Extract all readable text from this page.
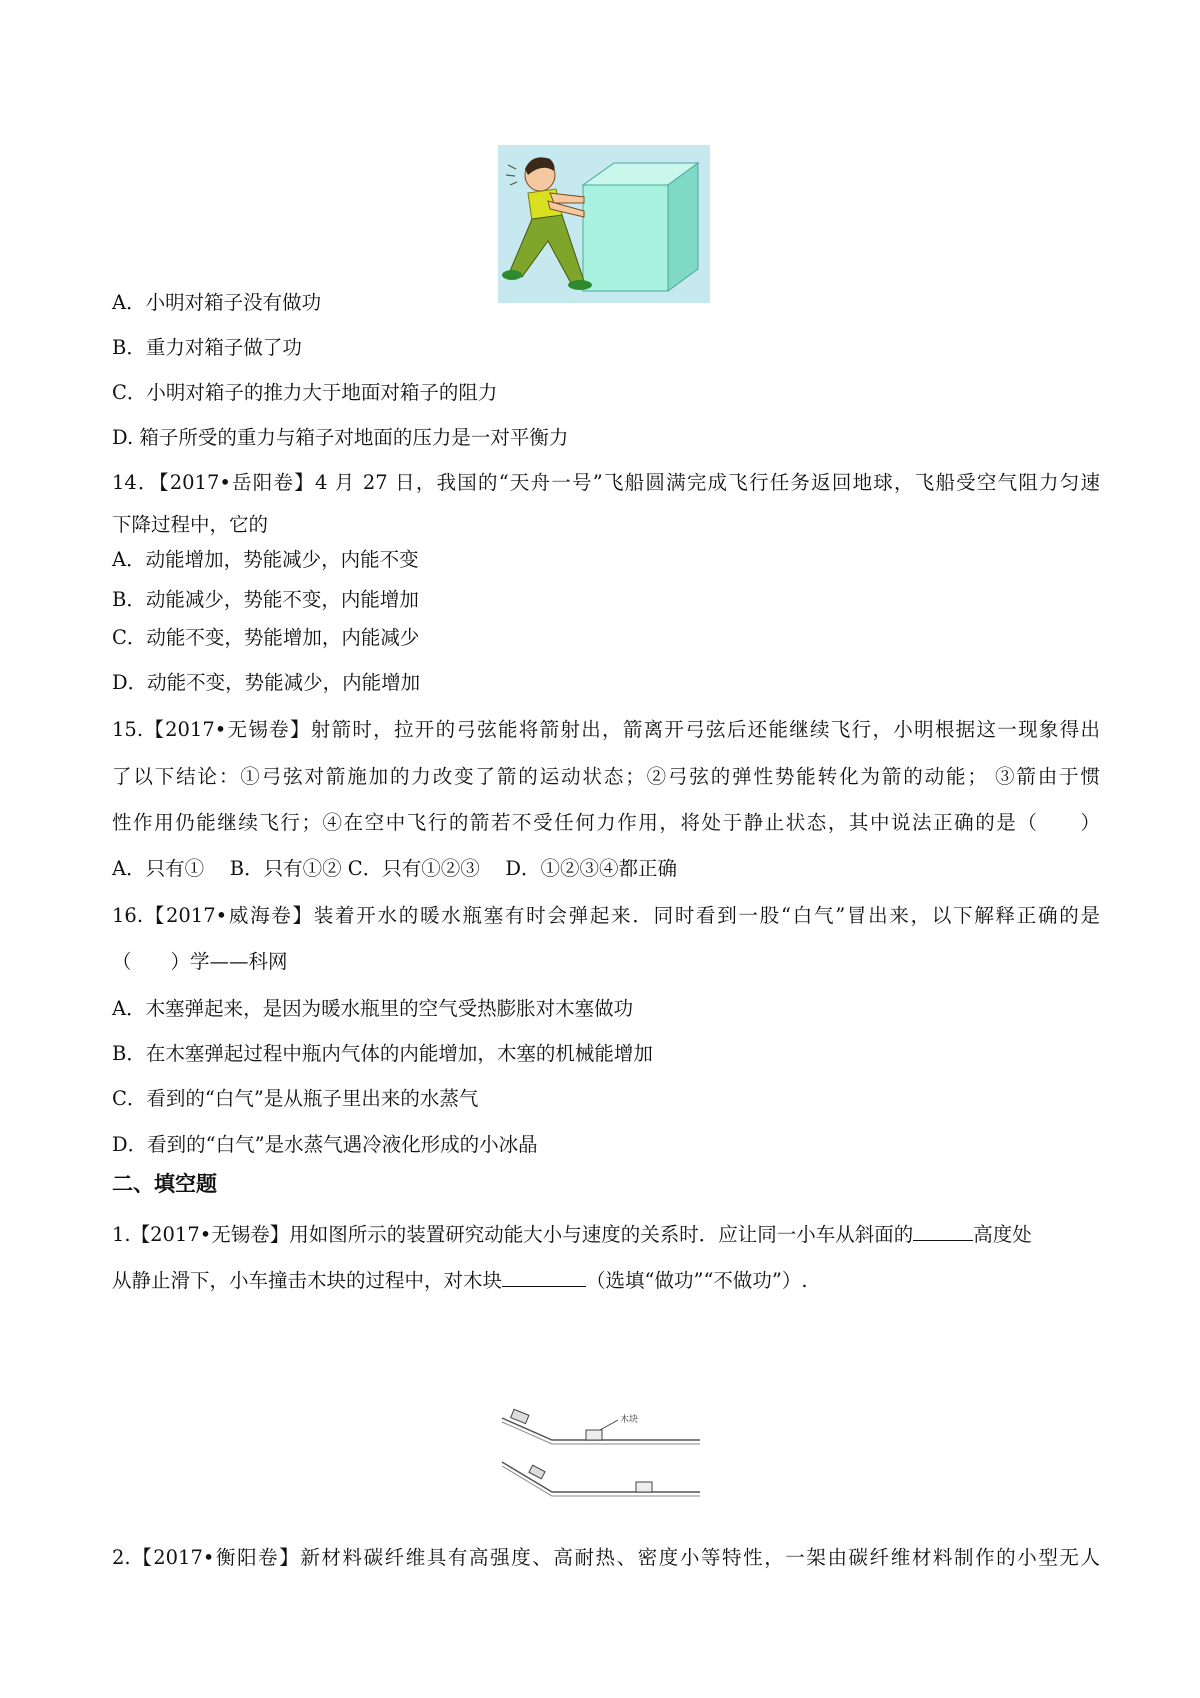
A．小明对箱子没有做功
B．重力对箱子做了功
C．小明对箱子的推力大于地面对箱子的阻力
D. 箱子所受的重力与箱子对地面的压力是一对平衡力
14．【2017•岳阳卷】4 月 27 日，我国的“天舟一号”飞船圆满完成飞行任务返回地球，飞船受空气阻力匀速
下降过程中，它的
A．动能增加，势能减少，内能不变
B．动能减少，势能不变，内能增加
C．动能不变，势能增加，内能减少
D．动能不变，势能减少，内能增加
15.【2017•无锡卷】射箭时，拉开的弓弦能将箭射出，箭离开弓弦后还能继续飞行，小明根据这一现象得出
了以下结论：①弓弦对箭施加的力改变了箭的运动状态；②弓弦的弹性势能转化为箭的动能； ③箭由于惯
性作用仍能继续飞行；④在空中飞行的箭若不受任何力作用，将处于静止状态，其中说法正确的是（　　）
A．只有①　 B．只有①② C．只有①②③　 D．①②③④都正确
16.【2017•威海卷】装着开水的暖水瓶塞有时会弹起来．同时看到一股“白气”冒出来，以下解释正确的是
（　　）学——科网
A．木塞弹起来，是因为暖水瓶里的空气受热膨胀对木塞做功
B．在木塞弹起过程中瓶内气体的内能增加，木塞的机械能增加
C．看到的“白气”是从瓶子里出来的水蒸气
D．看到的“白气”是水蒸气遇冷液化形成的小冰晶
二、填空题
1.【2017•无锡卷】用如图所示的装置研究动能大小与速度的关系时．应让同一小车从斜面的	高度处
从静止滑下，小车撞击木块的过程中，对木块	（选填“做功”“不做功”）.
木块
2.【2017•衡阳卷】新材料碳纤维具有高强度、高耐热、密度小等特性，一架由碳纤维材料制作的小型无人
